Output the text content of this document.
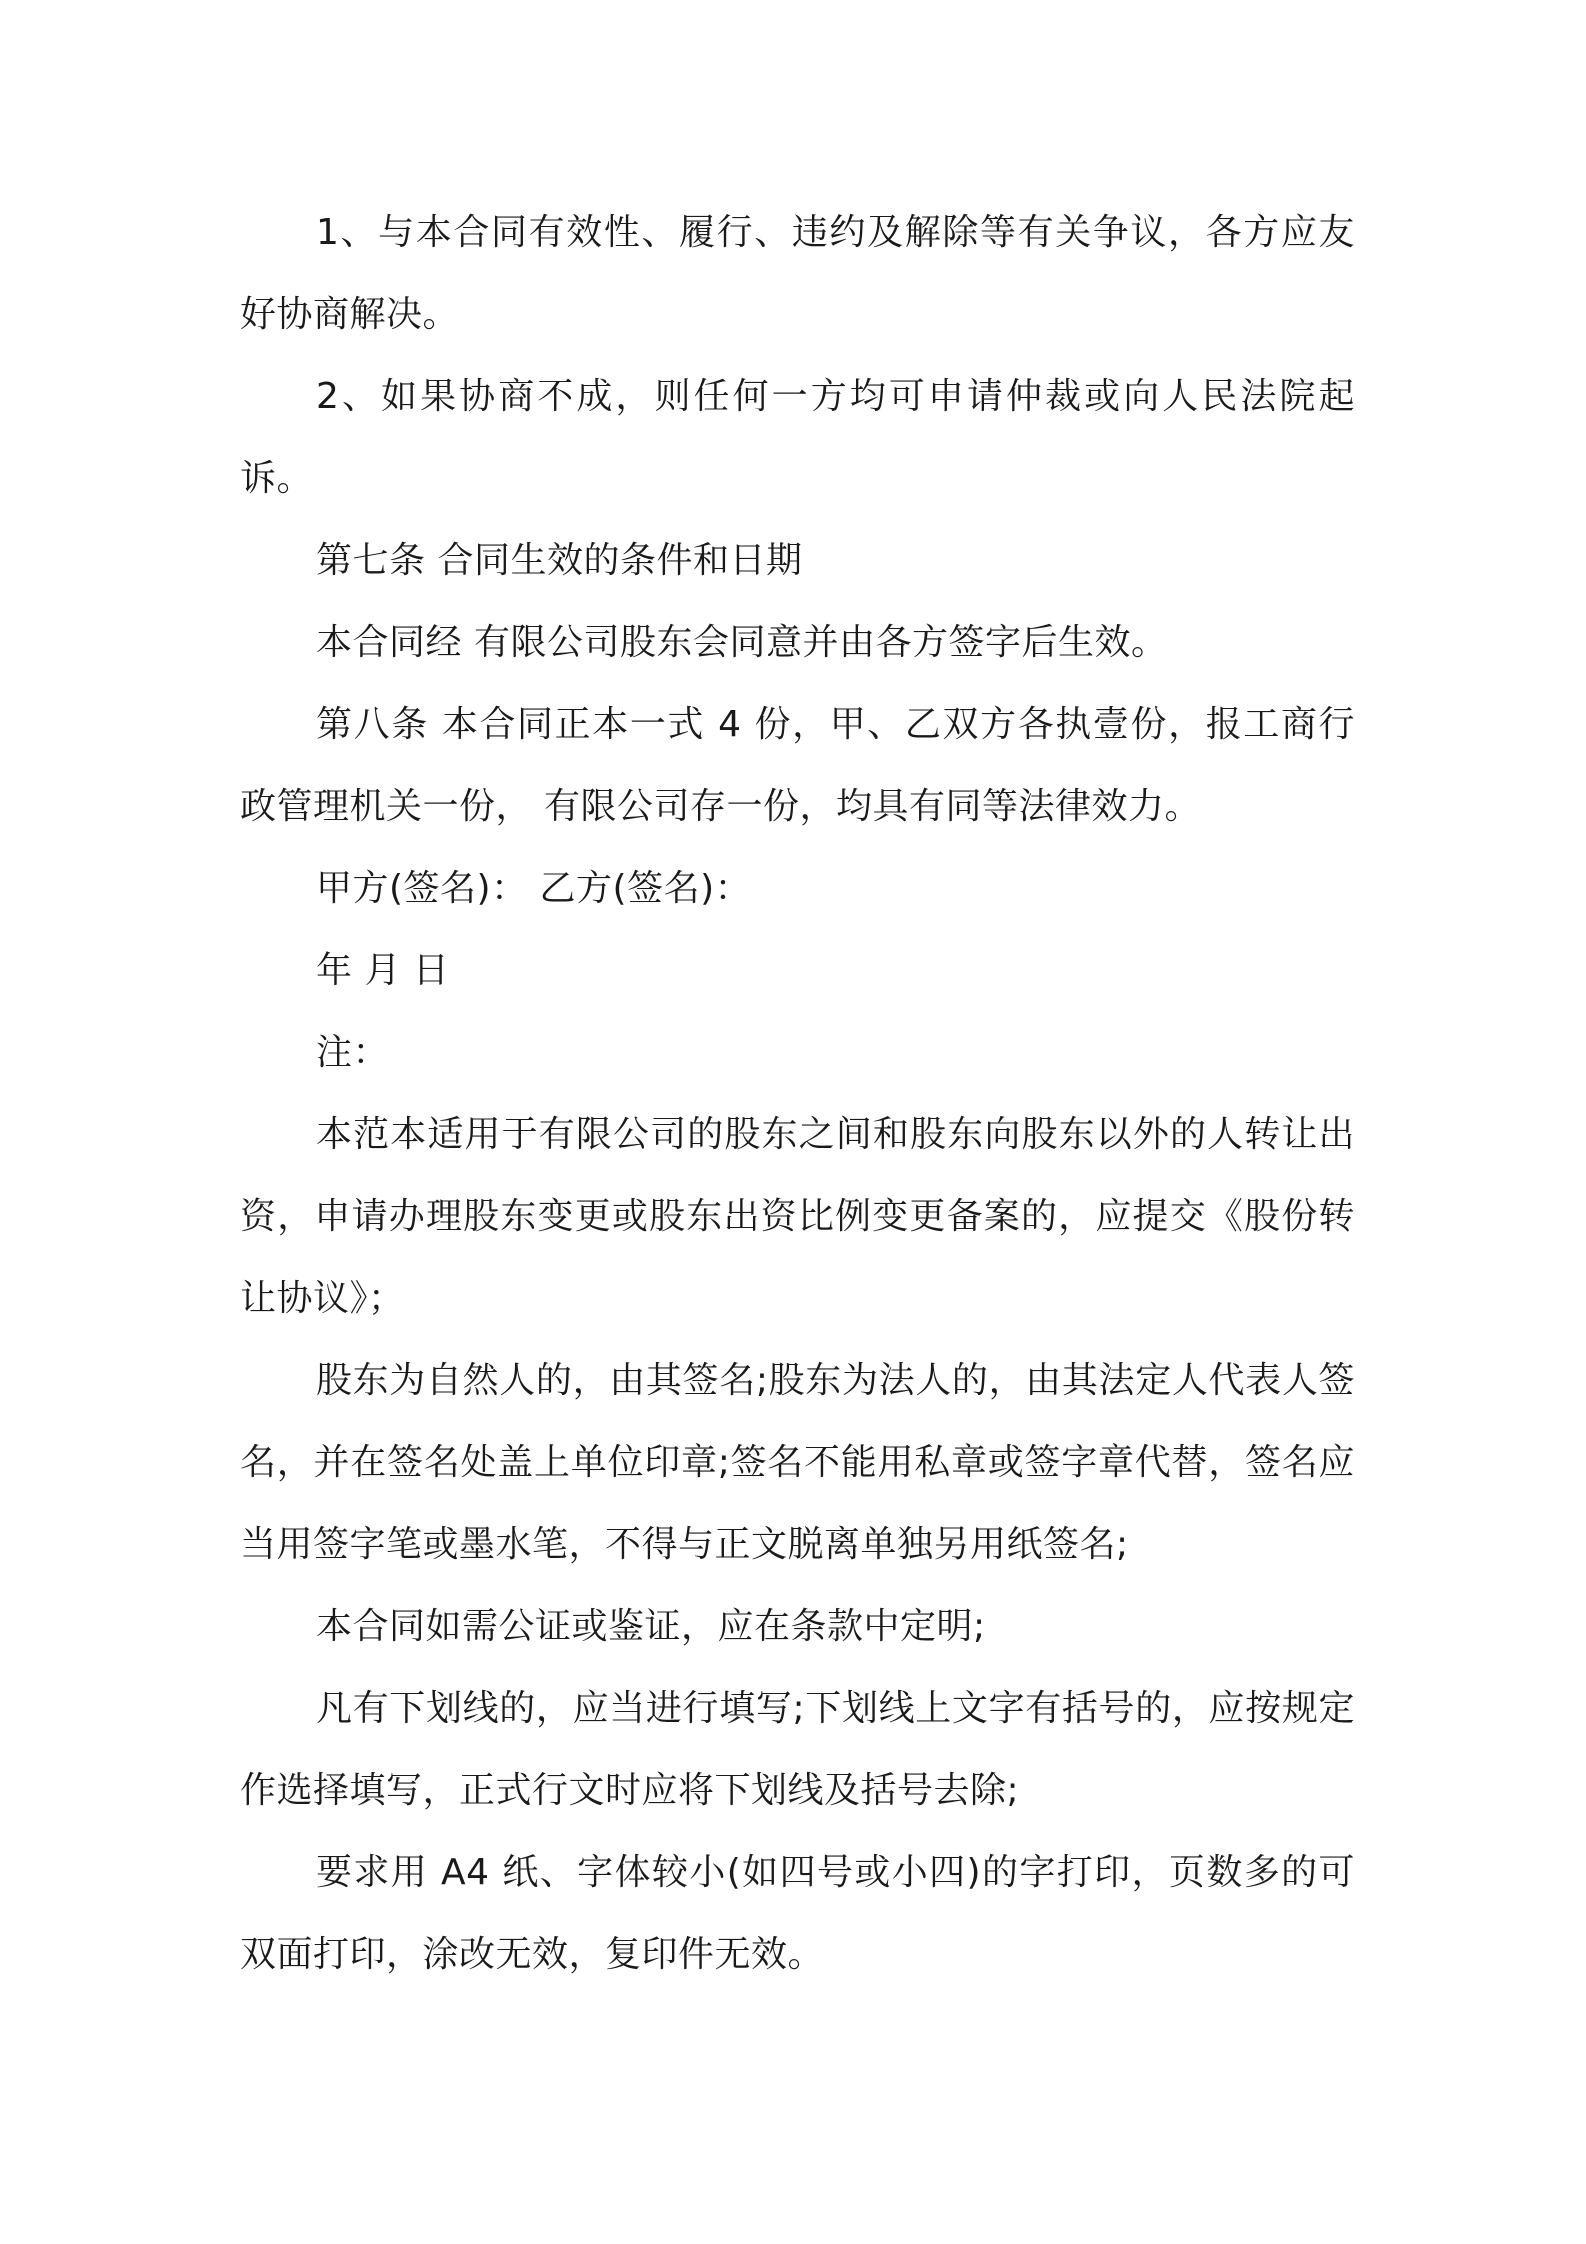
1、与本合同有效性、履行、违约及解除等有关争议，各方应友好协商解决。

2、如果协商不成，则任何一方均可申请仲裁或向人民法院起诉。

第七条 合同生效的条件和日期

本合同经 有限公司股东会同意并由各方签字后生效。

第八条 本合同正本一式 4 份，甲、乙双方各执壹份，报工商行政管理机关一份， 有限公司存一份，均具有同等法律效力。

甲方(签名)： 乙方(签名)：

年 月 日

注：

本范本适用于有限公司的股东之间和股东向股东以外的人转让出资，申请办理股东变更或股东出资比例变更备案的，应提交《股份转让协议》；

股东为自然人的，由其签名;股东为法人的，由其法定人代表人签名，并在签名处盖上单位印章;签名不能用私章或签字章代替，签名应当用签字笔或墨水笔，不得与正文脱离单独另用纸签名;

本合同如需公证或鉴证，应在条款中定明;

凡有下划线的，应当进行填写;下划线上文字有括号的，应按规定作选择填写，正式行文时应将下划线及括号去除;

要求用 A4 纸、字体较小(如四号或小四)的字打印，页数多的可双面打印，涂改无效，复印件无效。
